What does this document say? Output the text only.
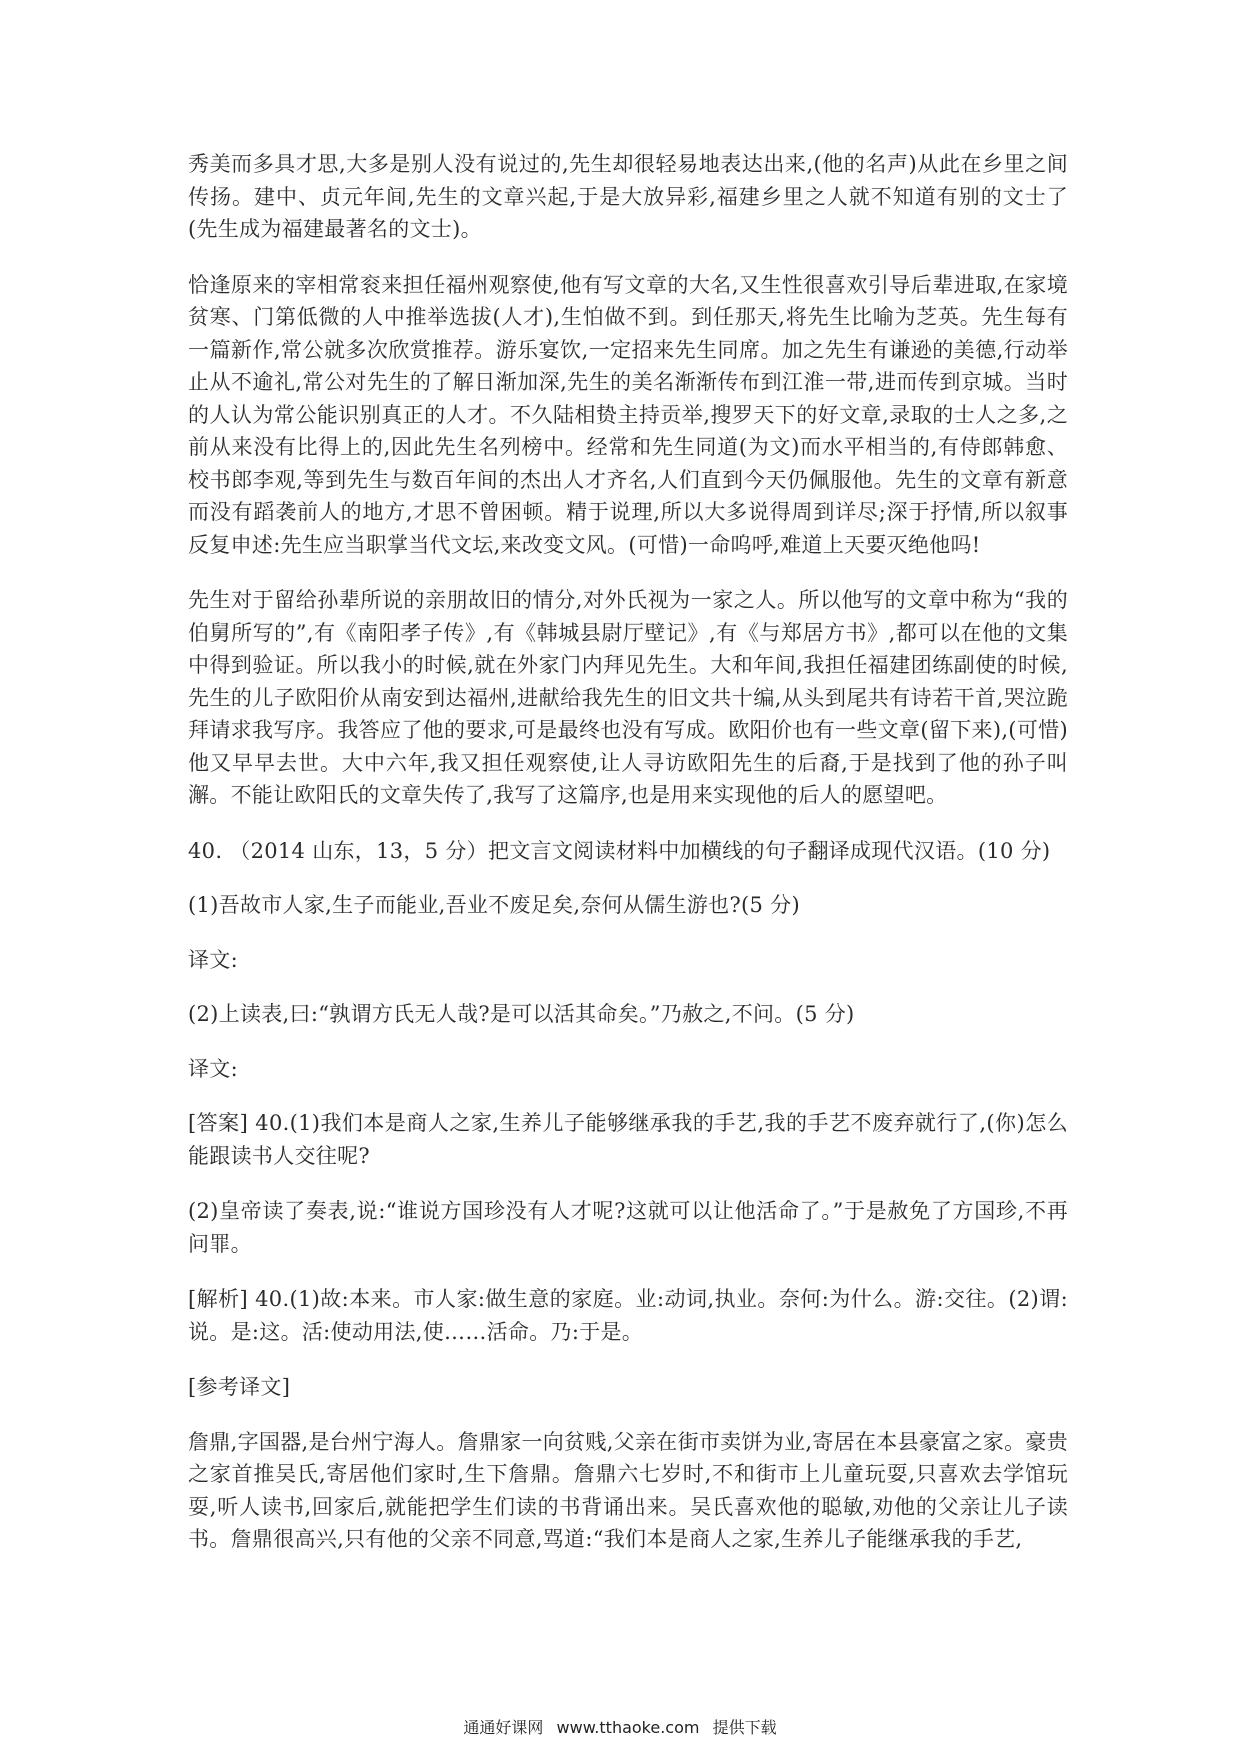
秀美而多具才思,大多是别人没有说过的,先生却很轻易地表达出来,(他的名声)从此在乡里之间传扬。建中、贞元年间,先生的文章兴起,于是大放异彩,福建乡里之人就不知道有别的文士了(先生成为福建最著名的文士)。

恰逢原来的宰相常衮来担任福州观察使,他有写文章的大名,又生性很喜欢引导后辈进取,在家境贫寒、门第低微的人中推举选拔(人才),生怕做不到。到任那天,将先生比喻为芝英。先生每有一篇新作,常公就多次欣赏推荐。游乐宴饮,一定招来先生同席。加之先生有谦逊的美德,行动举止从不逾礼,常公对先生的了解日渐加深,先生的美名渐渐传布到江淮一带,进而传到京城。当时的人认为常公能识别真正的人才。不久陆相贽主持贡举,搜罗天下的好文章,录取的士人之多,之前从来没有比得上的,因此先生名列榜中。经常和先生同道(为文)而水平相当的,有侍郎韩愈、校书郎李观,等到先生与数百年间的杰出人才齐名,人们直到今天仍佩服他。先生的文章有新意而没有蹈袭前人的地方,才思不曾困顿。精于说理,所以大多说得周到详尽;深于抒情,所以叙事反复申述:先生应当职掌当代文坛,来改变文风。(可惜)一命呜呼,难道上天要灭绝他吗!

先生对于留给孙辈所说的亲朋故旧的情分,对外氏视为一家之人。所以他写的文章中称为“我的伯舅所写的”,有《南阳孝子传》,有《韩城县尉厅壁记》,有《与郑居方书》,都可以在他的文集中得到验证。所以我小的时候,就在外家门内拜见先生。大和年间,我担任福建团练副使的时候,先生的儿子欧阳价从南安到达福州,进献给我先生的旧文共十编,从头到尾共有诗若干首,哭泣跪拜请求我写序。我答应了他的要求,可是最终也没有写成。欧阳价也有一些文章(留下来),(可惜)他又早早去世。大中六年,我又担任观察使,让人寻访欧阳先生的后裔,于是找到了他的孙子叫澥。不能让欧阳氏的文章失传了,我写了这篇序,也是用来实现他的后人的愿望吧。

40. （2014 山东，13，5 分）把文言文阅读材料中加横线的句子翻译成现代汉语。(10 分)

(1)吾故市人家,生子而能业,吾业不废足矣,奈何从儒生游也?(5 分)

译文:

(2)上读表,曰:“孰谓方氏无人哉?是可以活其命矣。”乃赦之,不问。(5 分)

译文:

[答案] 40.(1)我们本是商人之家,生养儿子能够继承我的手艺,我的手艺不废弃就行了,(你)怎么能跟读书人交往呢?

(2)皇帝读了奏表,说:“谁说方国珍没有人才呢?这就可以让他活命了。”于是赦免了方国珍,不再问罪。

[解析] 40.(1)故:本来。市人家:做生意的家庭。业:动词,执业。奈何:为什么。游:交往。(2)谓:说。是:这。活:使动用法,使……活命。乃:于是。

[参考译文]

詹鼎,字国器,是台州宁海人。詹鼎家一向贫贱,父亲在街市卖饼为业,寄居在本县豪富之家。豪贵之家首推吴氏,寄居他们家时,生下詹鼎。詹鼎六七岁时,不和街市上儿童玩耍,只喜欢去学馆玩耍,听人读书,回家后,就能把学生们读的书背诵出来。吴氏喜欢他的聪敏,劝他的父亲让儿子读书。詹鼎很高兴,只有他的父亲不同意,骂道:“我们本是商人之家,生养儿子能继承我的手艺,

通通好课网 www.tthaoke.com 提供下载
